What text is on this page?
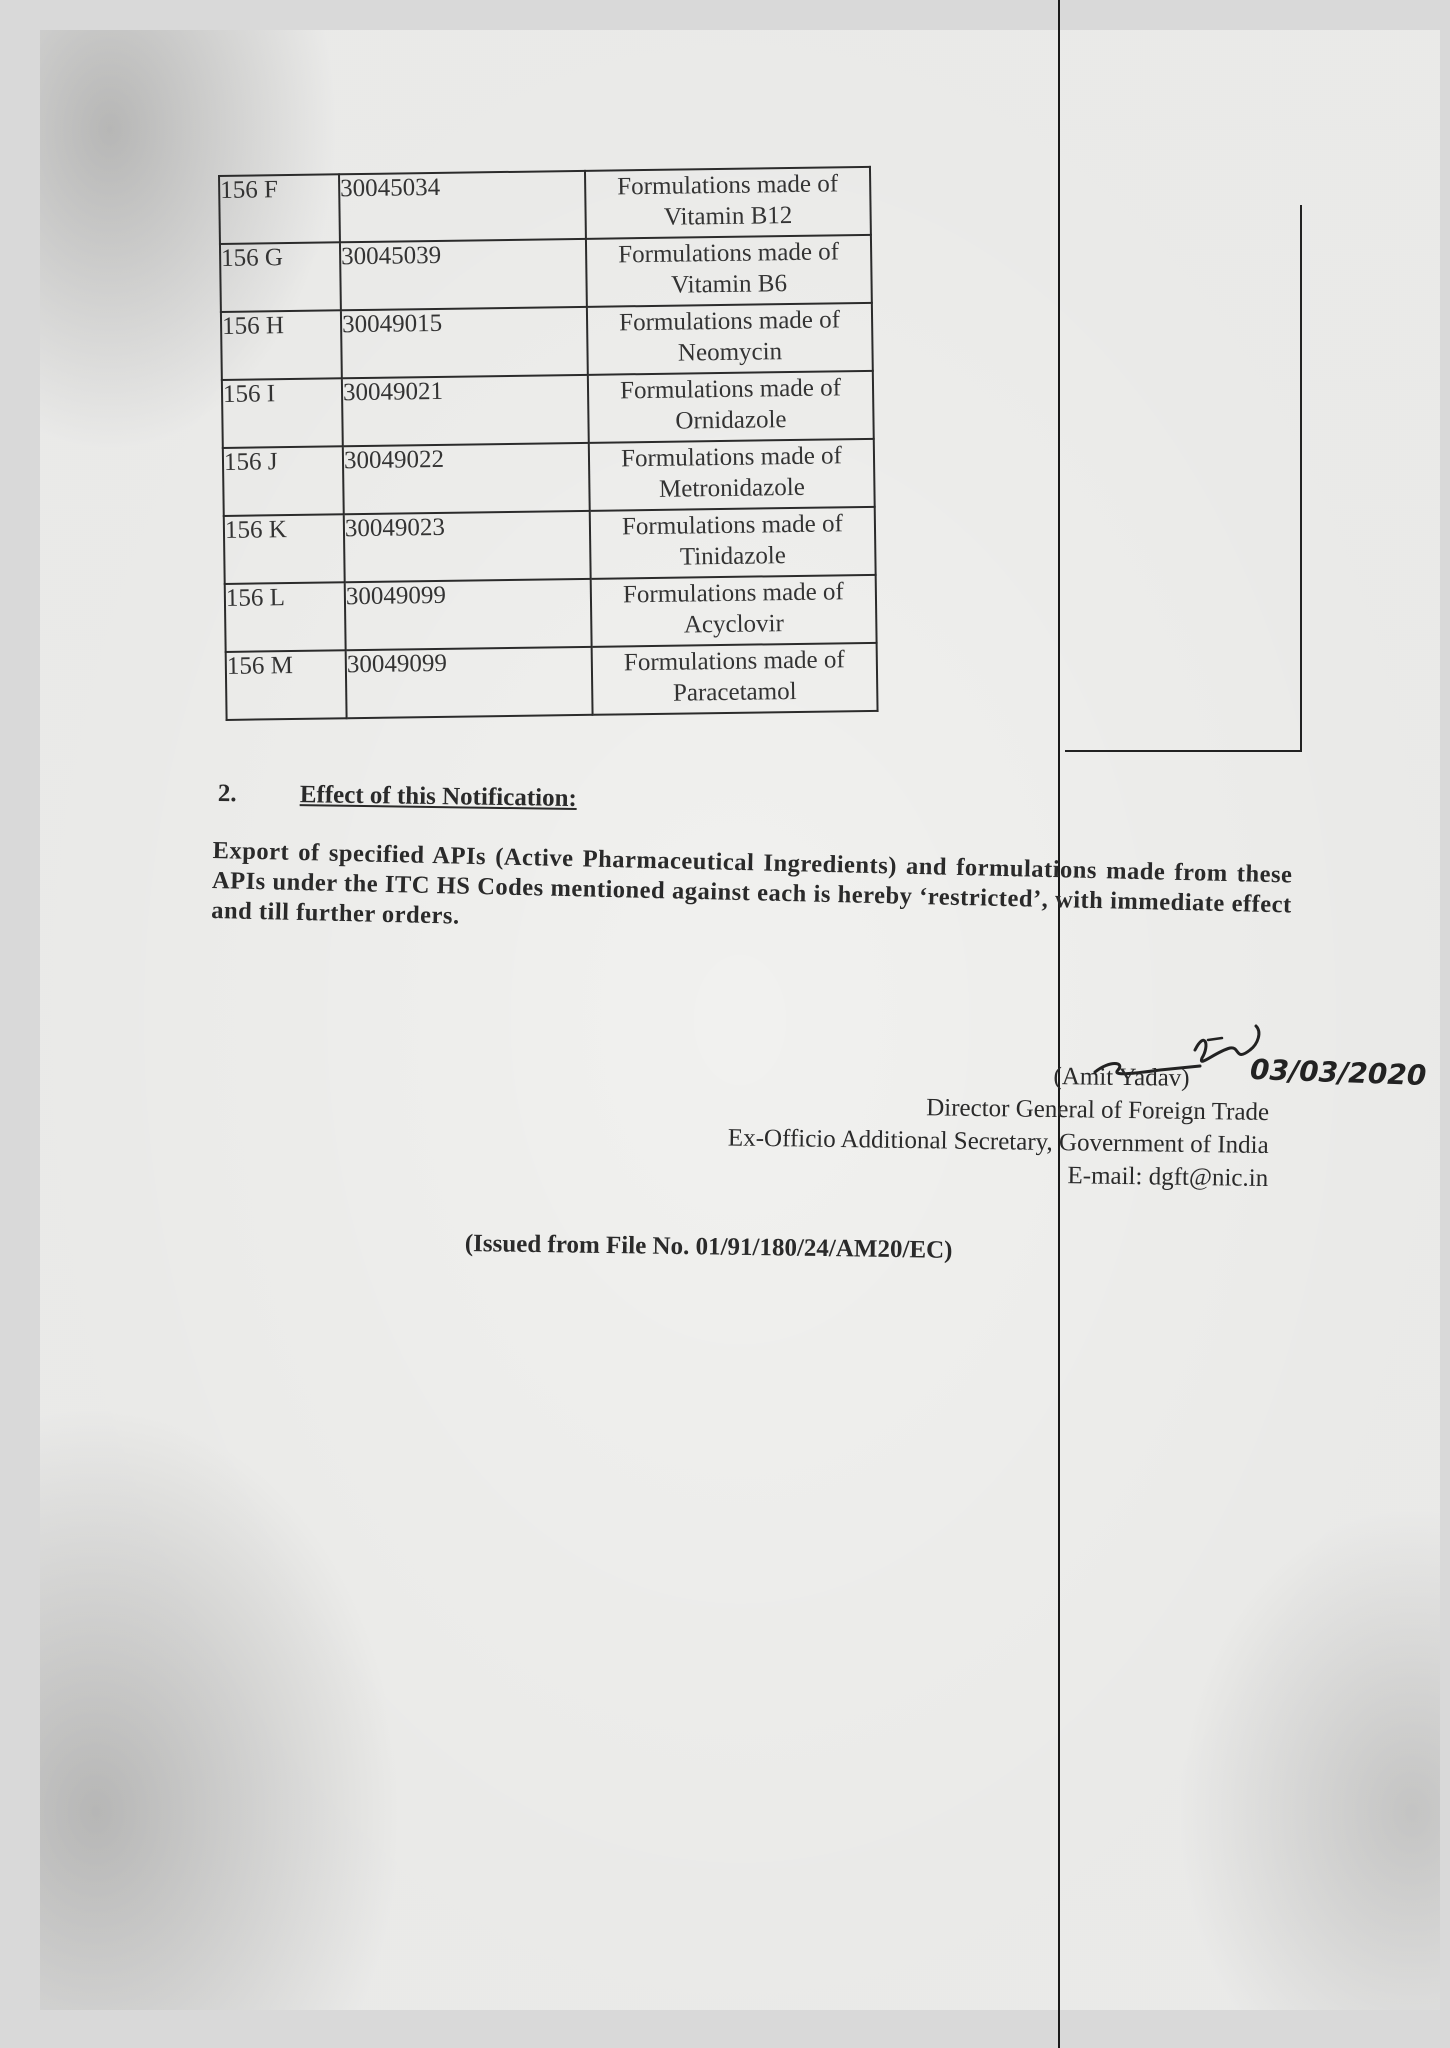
156 F	30045034	Formulations made of
Vitamin B12
156 G	30045039	Formulations made of
Vitamin B6
156 H	30049015	Formulations made of
Neomycin
156 I	30049021	Formulations made of
Ornidazole
156 J	30049022	Formulations made of
Metronidazole
156 K	30049023	Formulations made of
Tinidazole
156 L	30049099	Formulations made of
Acyclovir
156 M	30049099	Formulations made of
Paracetamol
2.	Effect of this Notification:
Export of specified APIs (Active Pharmaceutical Ingredients) and formulations made from these APIs under the ITC HS Codes mentioned against each is hereby ‘restricted’, with immediate effect and till further orders.
03/03/2020
(Amit Yadav)
Director General of Foreign Trade
Ex-Officio Additional Secretary, Government of India
E-mail: dgft@nic.in
(Issued from File No. 01/91/180/24/AM20/EC)
